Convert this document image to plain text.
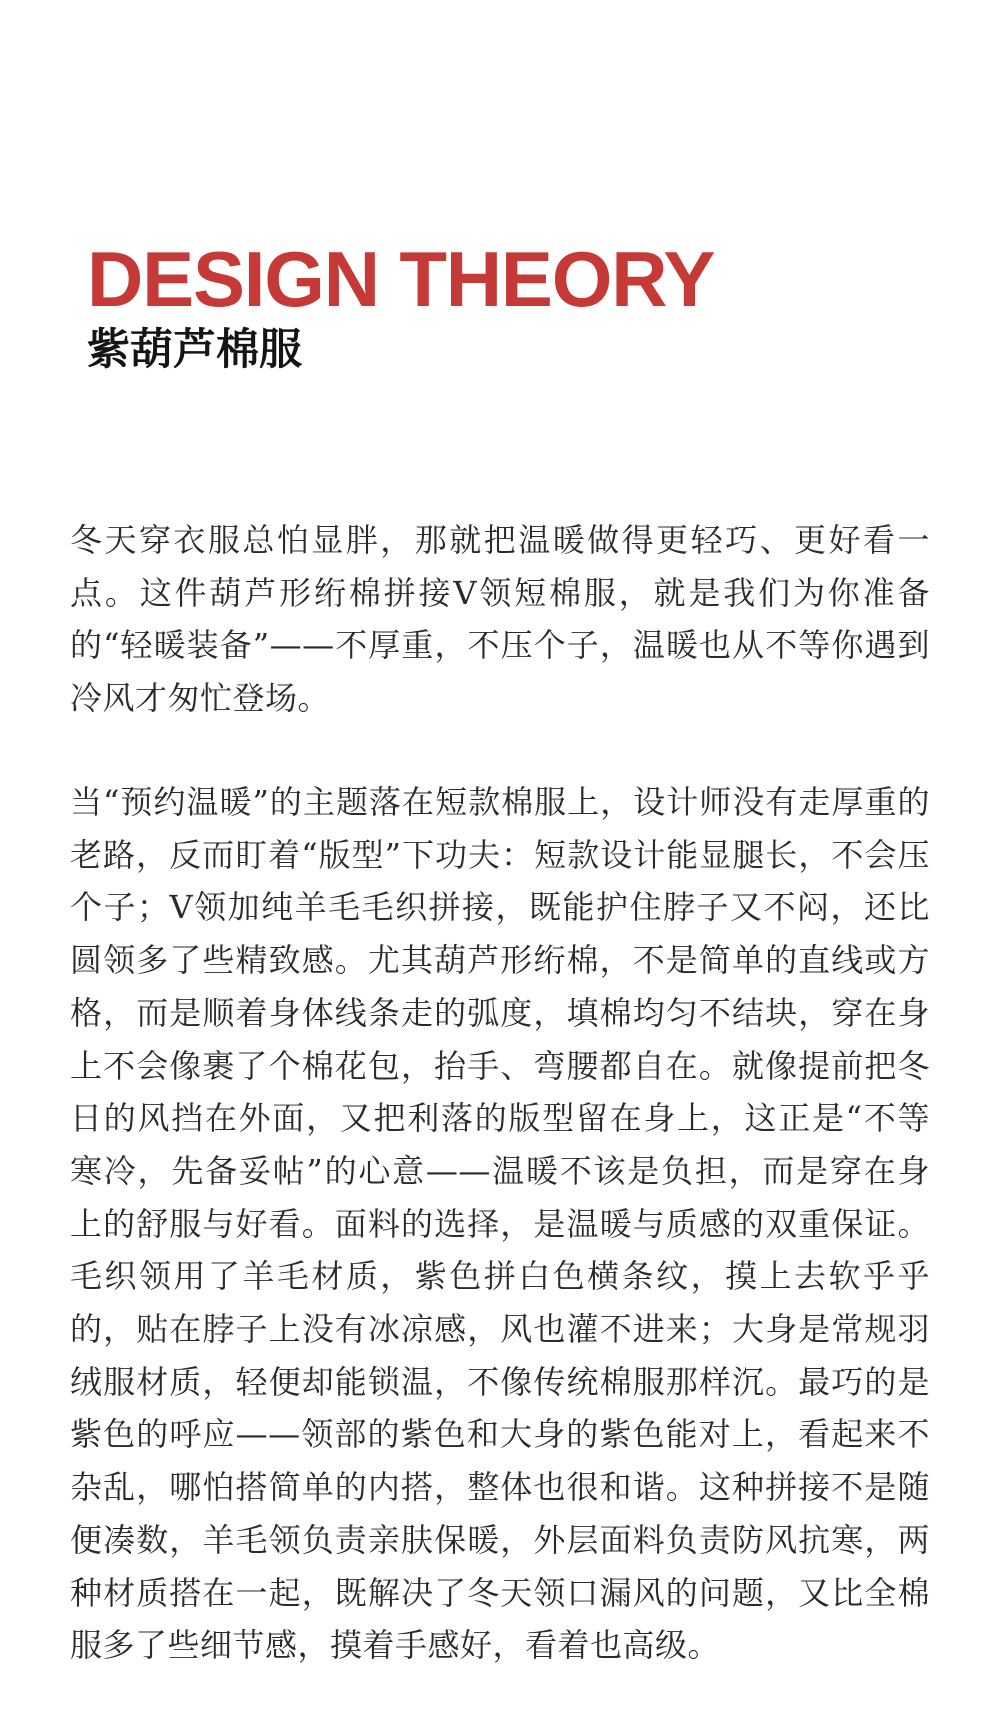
DESIGN THEORY
紫葫芦棉服

冬天穿衣服总怕显胖，那就把温暖做得更轻巧、更好看一点。这件葫芦形绗棉拼接V领短棉服，就是我们为你准备的“轻暖装备”——不厚重，不压个子，温暖也从不等你遇到冷风才匆忙登场。

当“预约温暖”的主题落在短款棉服上，设计师没有走厚重的老路，反而盯着“版型”下功夫：短款设计能显腿长，不会压个子；V领加纯羊毛毛织拼接，既能护住脖子又不闷，还比圆领多了些精致感。尤其葫芦形绗棉，不是简单的直线或方格，而是顺着身体线条走的弧度，填棉均匀不结块，穿在身上不会像裹了个棉花包，抬手、弯腰都自在。就像提前把冬日的风挡在外面，又把利落的版型留在身上，这正是“不等寒冷，先备妥帖”的心意——温暖不该是负担，而是穿在身上的舒服与好看。面料的选择，是温暖与质感的双重保证。毛织领用了羊毛材质，紫色拼白色横条纹，摸上去软乎乎的，贴在脖子上没有冰凉感，风也灌不进来；大身是常规羽绒服材质，轻便却能锁温，不像传统棉服那样沉。最巧的是紫色的呼应——领部的紫色和大身的紫色能对上，看起来不杂乱，哪怕搭简单的内搭，整体也很和谐。这种拼接不是随便凑数，羊毛领负责亲肤保暖，外层面料负责防风抗寒，两种材质搭在一起，既解决了冬天领口漏风的问题，又比全棉服多了些细节感，摸着手感好，看着也高级。
